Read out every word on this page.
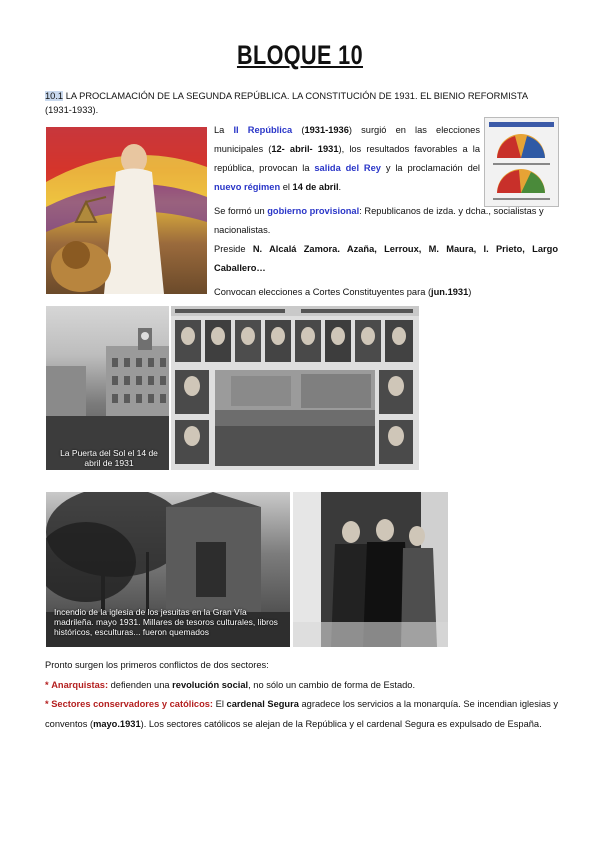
BLOQUE 10
10.1 LA PROCLAMACIÓN DE LA SEGUNDA REPÚBLICA. LA CONSTITUCIÓN DE 1931. EL BIENIO REFORMISTA (1931-1933).
La II República (1931-1936) surgió en las elecciones municipales (12- abril- 1931), los resultados favorables a la república, provocan la salida del Rey y la proclamación del nuevo régimen el 14 de abril.
Se formó un gobierno provisional: Republicanos de izda. y dcha., socialistas y nacionalistas.
Preside N. Alcalá Zamora. Azaña, Lerroux, M. Maura, I. Prieto, Largo Caballero…
Convocan elecciones a Cortes Constituyentes para (jun.1931)
La Puerta del Sol el 14 de abril de 1931
Incendio de la iglesia de los jesuitas en la Gran Vía madrileña. mayo 1931. Millares de tesoros culturales, libros históricos, esculturas... fueron quemados
Pronto surgen los primeros conflictos de dos sectores:
* Anarquistas: defienden una revolución social, no sólo un cambio de forma de Estado.
* Sectores conservadores y católicos: El cardenal Segura agradece los servicios a la monarquía. Se incendian iglesias y conventos (mayo.1931). Los sectores católicos se alejan de la República y el cardenal Segura es expulsado de España.
